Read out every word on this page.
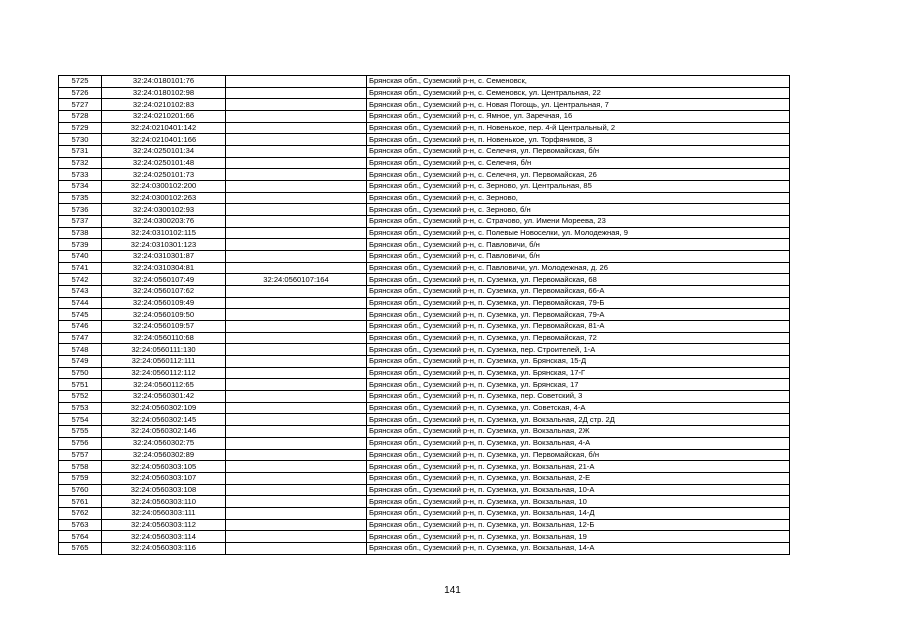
5725	32:24:0180101:76		Брянская обл., Суземский р-н, с. Семеновск,
5726	32:24:0180102:98		Брянская обл., Суземский р-н, с. Семеновск, ул. Центральная, 22
5727	32:24:0210102:83		Брянская обл., Суземский р-н, с. Новая Погощь, ул. Центральная, 7
5728	32:24:0210201:66		Брянская обл., Суземский р-н, с. Ямное, ул. Заречная, 16
5729	32:24:0210401:142		Брянская обл., Суземский р-н, п. Новенькое, пер. 4-й Центральный, 2
5730	32:24:0210401:166		Брянская обл., Суземский р-н, п. Новенькое, ул. Торфяников, 3
5731	32:24:0250101:34		Брянская обл., Суземский р-н, с. Селечня, ул. Первомайская, б/н
5732	32:24:0250101:48		Брянская обл., Суземский р-н, с. Селечня, б/н
5733	32:24:0250101:73		Брянская обл., Суземский р-н, с. Селечня, ул. Первомайская, 26
5734	32:24:0300102:200		Брянская обл., Суземский р-н, с. Зерново, ул. Центральная, 85
5735	32:24:0300102:263		Брянская обл., Суземский р-н, с. Зерново,
5736	32:24:0300102:93		Брянская обл., Суземский р-н, с. Зерново, б/н
5737	32:24:0300203:76		Брянская обл., Суземский р-н, с. Страчово, ул. Имени Мореева, 23
5738	32:24:0310102:115		Брянская обл., Суземский р-н, с. Полевые Новоселки, ул. Молодежная, 9
5739	32:24:0310301:123		Брянская обл., Суземский р-н, с. Павловичи, б/н
5740	32:24:0310301:87		Брянская обл., Суземский р-н, с. Павловичи, б/н
5741	32:24:0310304:81		Брянская обл., Суземский р-н, с. Павловичи, ул. Молодежная, д. 26
5742	32:24:0560107:49	32:24:0560107:164	Брянская обл., Суземский р-н, п. Суземка, ул. Первомайская, 68
5743	32:24:0560107:62		Брянская обл., Суземский р-н, п. Суземка, ул. Первомайская, 66-А
5744	32:24:0560109:49		Брянская обл., Суземский р-н, п. Суземка, ул. Первомайская, 79-Б
5745	32:24:0560109:50		Брянская обл., Суземский р-н, п. Суземка, ул. Первомайская, 79-А
5746	32:24:0560109:57		Брянская обл., Суземский р-н, п. Суземка, ул. Первомайская, 81-А
5747	32:24:0560110:68		Брянская обл., Суземский р-н, п. Суземка, ул. Первомайская, 72
5748	32:24:0560111:130		Брянская обл., Суземский р-н, п. Суземка, пер. Строителей, 1-А
5749	32:24:0560112:111		Брянская обл., Суземский р-н, п. Суземка, ул. Брянская, 15-Д
5750	32:24:0560112:112		Брянская обл., Суземский р-н, п. Суземка, ул. Брянская, 17-Г
5751	32:24:0560112:65		Брянская обл., Суземский р-н, п. Суземка, ул. Брянская, 17
5752	32:24:0560301:42		Брянская обл., Суземский р-н, п. Суземка, пер. Советский, 3
5753	32:24:0560302:109		Брянская обл., Суземский р-н, п. Суземка, ул. Советская, 4-А
5754	32:24:0560302:145		Брянская обл., Суземский р-н, п. Суземка, ул. Вокзальная, 2Д стр. 2Д
5755	32:24:0560302:146		Брянская обл., Суземский р-н, п. Суземка, ул. Вокзальная, 2Ж
5756	32:24:0560302:75		Брянская обл., Суземский р-н, п. Суземка, ул. Вокзальная, 4-А
5757	32:24:0560302:89		Брянская обл., Суземский р-н, п. Суземка, ул. Первомайская, б/н
5758	32:24:0560303:105		Брянская обл., Суземский р-н, п. Суземка, ул. Вокзальная, 21-А
5759	32:24:0560303:107		Брянская обл., Суземский р-н, п. Суземка, ул. Вокзальная, 2-Е
5760	32:24:0560303:108		Брянская обл., Суземский р-н, п. Суземка, ул. Вокзальная, 10-А
5761	32:24:0560303:110		Брянская обл., Суземский р-н, п. Суземка, ул. Вокзальная, 10
5762	32:24:0560303:111		Брянская обл., Суземский р-н, п. Суземка, ул. Вокзальная, 14-Д
5763	32:24:0560303:112		Брянская обл., Суземский р-н, п. Суземка, ул. Вокзальная, 12-Б
5764	32:24:0560303:114		Брянская обл., Суземский р-н, п. Суземка, ул. Вокзальная, 19
5765	32:24:0560303:116		Брянская обл., Суземский р-н, п. Суземка, ул. Вокзальная, 14-А
141
